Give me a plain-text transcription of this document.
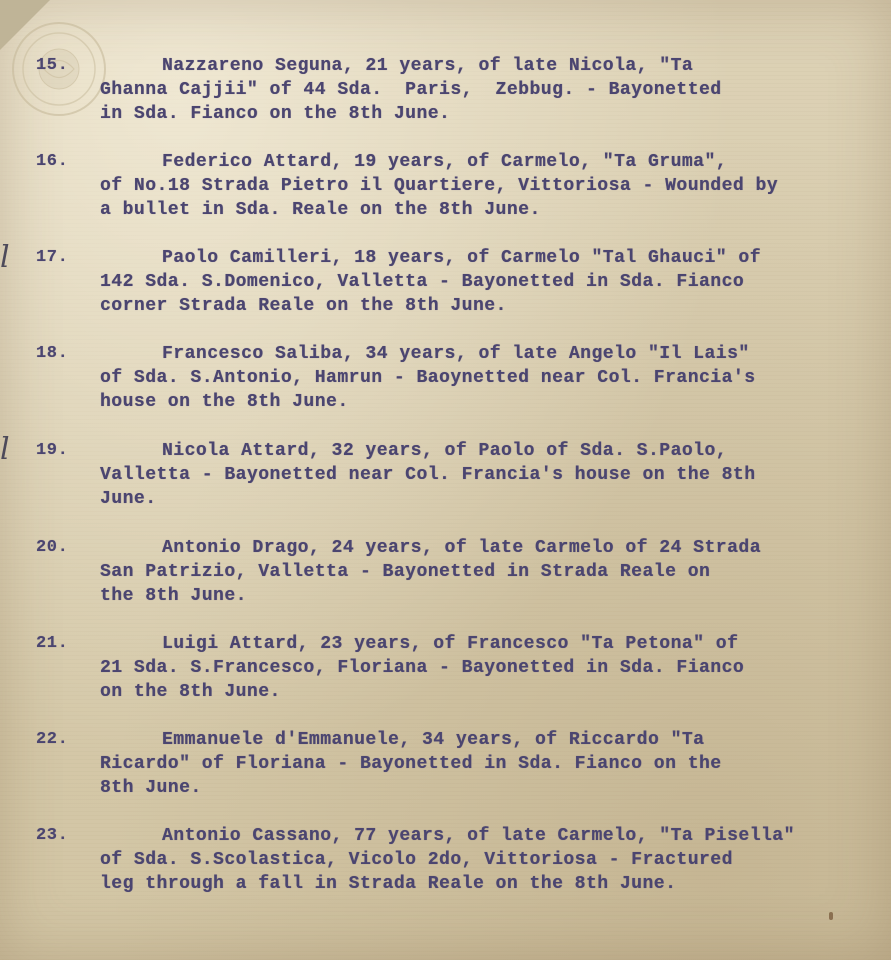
l
l
15.	Nazzareno Seguna, 21 years, of late Nicola, "Ta
Ghanna Cajjii" of 44 Sda.  Paris,  Zebbug. - Bayonetted
in Sda. Fianco on the 8th June.
16.	Federico Attard, 19 years, of Carmelo, "Ta Gruma",
of No.18 Strada Pietro il Quartiere, Vittoriosa - Wounded by
a bullet in Sda. Reale on the 8th June.
17.	Paolo Camilleri, 18 years, of Carmelo "Tal Ghauci" of
142 Sda. S.Domenico, Valletta - Bayonetted in Sda. Fianco
corner Strada Reale on the 8th June.
18.	Francesco Saliba, 34 years, of late Angelo "Il Lais"
of Sda. S.Antonio, Hamrun - Baoynetted near Col. Francia's
house on the 8th June.
19.	Nicola Attard, 32 years, of Paolo of Sda. S.Paolo,
Valletta - Bayonetted near Col. Francia's house on the 8th
June.
20.	Antonio Drago, 24 years, of late Carmelo of 24 Strada
San Patrizio, Valletta - Bayonetted in Strada Reale on
the 8th June.
21.	Luigi Attard, 23 years, of Francesco "Ta Petona" of
21 Sda. S.Francesco, Floriana - Bayonetted in Sda. Fianco
on the 8th June.
22.	Emmanuele d'Emmanuele, 34 years, of Riccardo "Ta
Ricardo" of Floriana - Bayonetted in Sda. Fianco on the
8th June.
23.	Antonio Cassano, 77 years, of late Carmelo, "Ta Pisella"
of Sda. S.Scolastica, Vicolo 2do, Vittoriosa - Fractured
leg through a fall in Strada Reale on the 8th June.
